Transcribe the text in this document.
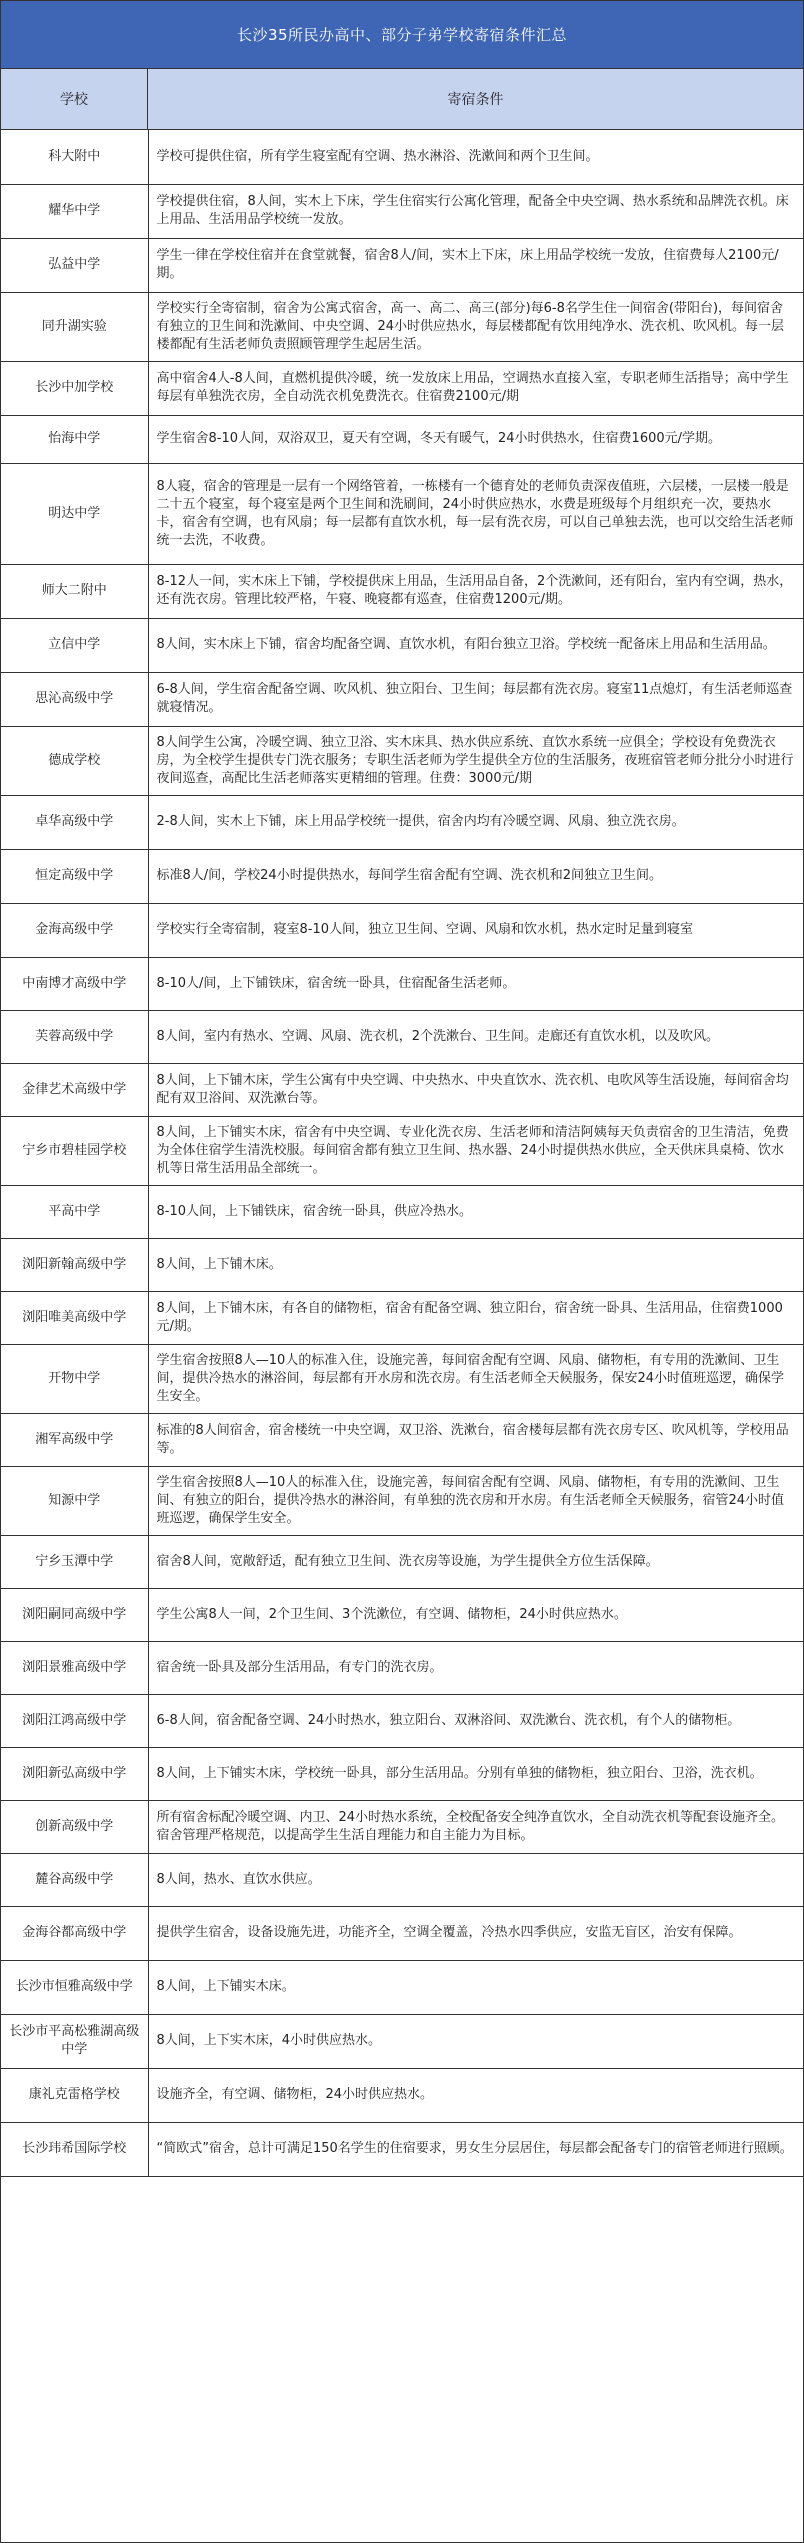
长沙35所民办高中、部分子弟学校寄宿条件汇总
学校	寄宿条件
科大附中	学校可提供住宿，所有学生寝室配有空调、热水淋浴、洗漱间和两个卫生间。
耀华中学	学校提供住宿，8人间，实木上下床，学生住宿实行公寓化管理，配备全中央空调、热水系统和品牌洗衣机。床上用品、生活用品学校统一发放。
弘益中学	学生一律在学校住宿并在食堂就餐，宿舍8人/间，实木上下床，床上用品学校统一发放，住宿费每人2100元/期。
同升湖实验	学校实行全寄宿制，宿舍为公寓式宿舍，高一、高二、高三(部分)每6-8名学生住一间宿舍(带阳台)，每间宿舍有独立的卫生间和洗漱间、中央空调、24小时供应热水，每层楼都配有饮用纯净水、洗衣机、吹风机。每一层楼都配有生活老师负责照顾管理学生起居生活。
长沙中加学校	高中宿舍4人-8人间，直燃机提供冷暖，统一发放床上用品，空调热水直接入室，专职老师生活指导；高中学生每层有单独洗衣房，全自动洗衣机免费洗衣。住宿费2100元/期
怡海中学	学生宿舍8-10人间，双浴双卫，夏天有空调，冬天有暖气，24小时供热水，住宿费1600元/学期。
明达中学	8人寝，宿舍的管理是一层有一个网络管着，一栋楼有一个德育处的老师负责深夜值班，六层楼，一层楼一般是二十五个寝室，每个寝室是两个卫生间和洗刷间，24小时供应热水，水费是班级每个月组织充一次，要热水卡，宿舍有空调，也有风扇；每一层都有直饮水机，每一层有洗衣房，可以自己单独去洗，也可以交给生活老师统一去洗，不收费。
师大二附中	8-12人一间，实木床上下铺，学校提供床上用品，生活用品自备，2个洗漱间，还有阳台，室内有空调，热水，还有洗衣房。管理比较严格，午寝、晚寝都有巡查，住宿费1200元/期。
立信中学	8人间，实木床上下铺，宿舍均配备空调、直饮水机，有阳台独立卫浴。学校统一配备床上用品和生活用品。
思沁高级中学	6-8人间，学生宿舍配备空调、吹风机、独立阳台、卫生间；每层都有洗衣房。寝室11点熄灯，有生活老师巡查就寝情况。
德成学校	8人间学生公寓，冷暖空调、独立卫浴、实木床具、热水供应系统、直饮水系统一应俱全；学校设有免费洗衣房，为全校学生提供专门洗衣服务；专职生活老师为学生提供全方位的生活服务，夜班宿管老师分批分小时进行夜间巡查，高配比生活老师落实更精细的管理。住费：3000元/期
卓华高级中学	2-8人间，实木上下铺，床上用品学校统一提供，宿舍内均有冷暖空调、风扇、独立洗衣房。
恒定高级中学	标准8人/间，学校24小时提供热水，每间学生宿舍配有空调、洗衣机和2间独立卫生间。
金海高级中学	学校实行全寄宿制，寝室8-10人间，独立卫生间、空调、风扇和饮水机，热水定时足量到寝室
中南博才高级中学	8-10人/间，上下铺铁床，宿舍统一卧具，住宿配备生活老师。
芙蓉高级中学	8人间，室内有热水、空调、风扇、洗衣机，2个洗漱台、卫生间。走廊还有直饮水机，以及吹风。
金律艺术高级中学	8人间，上下铺木床，学生公寓有中央空调、中央热水、中央直饮水、洗衣机、电吹风等生活设施，每间宿舍均配有双卫浴间、双洗漱台等。
宁乡市碧桂园学校	8人间，上下铺实木床，宿舍有中央空调、专业化洗衣房、生活老师和清洁阿姨每天负责宿舍的卫生清洁，免费为全体住宿学生清洗校服。每间宿舍都有独立卫生间、热水器、24小时提供热水供应，全天供床具桌椅、饮水机等日常生活用品全部统一。
平高中学	8-10人间，上下铺铁床，宿舍统一卧具，供应冷热水。
浏阳新翰高级中学	8人间，上下铺木床。
浏阳唯美高级中学	8人间，上下铺木床，有各自的储物柜，宿舍有配备空调、独立阳台，宿舍统一卧具、生活用品，住宿费1000元/期。
开物中学	学生宿舍按照8人—10人的标准入住，设施完善，每间宿舍配有空调、风扇、储物柜，有专用的洗漱间、卫生间，提供冷热水的淋浴间，每层都有开水房和洗衣房。有生活老师全天候服务，保安24小时值班巡逻，确保学生安全。
湘军高级中学	标准的8人间宿舍，宿舍楼统一中央空调，双卫浴、洗漱台，宿舍楼每层都有洗衣房专区、吹风机等，学校用品等。
知源中学	学生宿舍按照8人—10人的标准入住，设施完善，每间宿舍配有空调、风扇、储物柜，有专用的洗漱间、卫生间、有独立的阳台，提供冷热水的淋浴间，有单独的洗衣房和开水房。有生活老师全天候服务，宿管24小时值班巡逻，确保学生安全。
宁乡玉潭中学	宿舍8人间，宽敞舒适，配有独立卫生间、洗衣房等设施，为学生提供全方位生活保障。
浏阳嗣同高级中学	学生公寓8人一间，2个卫生间、3个洗漱位，有空调、储物柜，24小时供应热水。
浏阳景雅高级中学	宿舍统一卧具及部分生活用品，有专门的洗衣房。
浏阳江鸿高级中学	6-8人间，宿舍配备空调、24小时热水，独立阳台、双淋浴间、双洗漱台、洗衣机，有个人的储物柜。
浏阳新弘高级中学	8人间，上下铺实木床，学校统一卧具，部分生活用品。分别有单独的储物柜，独立阳台、卫浴，洗衣机。
创新高级中学	所有宿舍标配冷暖空调、内卫、24小时热水系统，全校配备安全纯净直饮水，全自动洗衣机等配套设施齐全。宿舍管理严格规范，以提高学生生活自理能力和自主能力为目标。
麓谷高级中学	8人间，热水、直饮水供应。
金海谷都高级中学	提供学生宿舍，设备设施先进，功能齐全，空调全覆盖，冷热水四季供应，安监无盲区，治安有保障。
长沙市恒雅高级中学	8人间，上下铺实木床。
长沙市平高松雅湖高级中学	8人间，上下实木床，4小时供应热水。
康礼克雷格学校	设施齐全，有空调、储物柜，24小时供应热水。
长沙玮希国际学校	“简欧式”宿舍，总计可满足150名学生的住宿要求，男女生分层居住，每层都会配备专门的宿管老师进行照顾。
